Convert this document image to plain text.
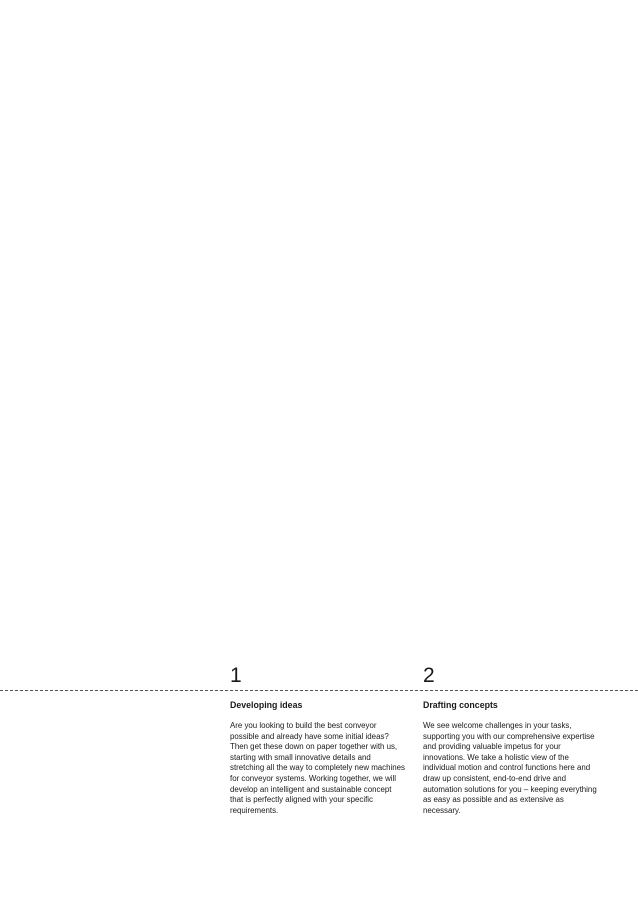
1
Developing ideas

Are you looking to build the best conveyor possible and already have some initial ideas? Then get these down on paper together with us, starting with small innovative details and stretching all the way to completely new machines for conveyor systems. Working together, we will develop an intelligent and sustainable concept that is perfectly aligned with your specific requirements.

2
Drafting concepts

We see welcome challenges in your tasks, supporting you with our comprehensive expertise and providing valuable impetus for your innovations. We take a holistic view of the individual motion and control functions here and draw up consistent, end-to-end drive and automation solutions for you – keeping everything as easy as possible and as extensive as necessary.
